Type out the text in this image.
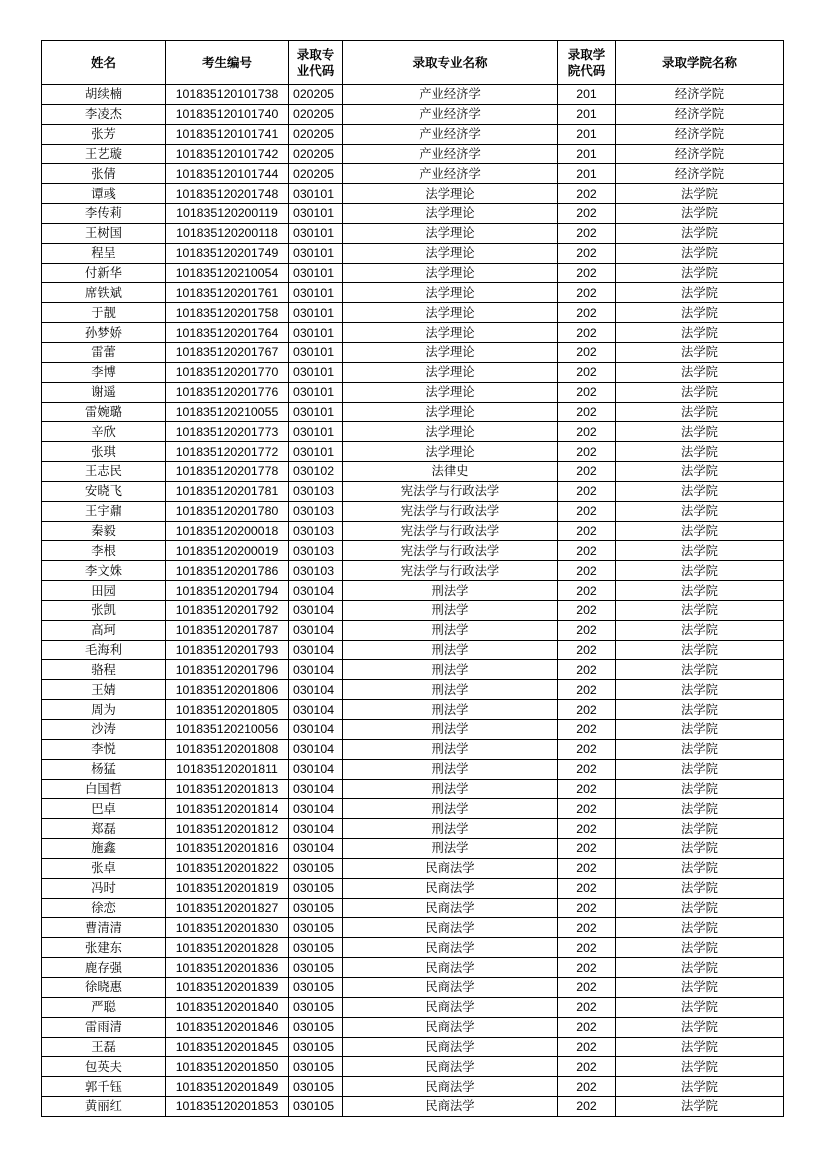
姓名	考生编号	录取专
业代码	录取专业名称	录取学
院代码	录取学院名称
胡续楠	101835120101738	020205	产业经济学	201	经济学院
李凌杰	101835120101740	020205	产业经济学	201	经济学院
张芳	101835120101741	020205	产业经济学	201	经济学院
王艺璇	101835120101742	020205	产业经济学	201	经济学院
张倩	101835120101744	020205	产业经济学	201	经济学院
谭彧	101835120201748	030101	法学理论	202	法学院
李传莉	101835120200119	030101	法学理论	202	法学院
王树国	101835120200118	030101	法学理论	202	法学院
程呈	101835120201749	030101	法学理论	202	法学院
付新华	101835120210054	030101	法学理论	202	法学院
席铁斌	101835120201761	030101	法学理论	202	法学院
于靓	101835120201758	030101	法学理论	202	法学院
孙梦娇	101835120201764	030101	法学理论	202	法学院
雷蕾	101835120201767	030101	法学理论	202	法学院
李博	101835120201770	030101	法学理论	202	法学院
谢遥	101835120201776	030101	法学理论	202	法学院
雷婉璐	101835120210055	030101	法学理论	202	法学院
辛欣	101835120201773	030101	法学理论	202	法学院
张琪	101835120201772	030101	法学理论	202	法学院
王志民	101835120201778	030102	法律史	202	法学院
安晓飞	101835120201781	030103	宪法学与行政法学	202	法学院
王宇鼐	101835120201780	030103	宪法学与行政法学	202	法学院
秦毅	101835120200018	030103	宪法学与行政法学	202	法学院
李根	101835120200019	030103	宪法学与行政法学	202	法学院
李文姝	101835120201786	030103	宪法学与行政法学	202	法学院
田园	101835120201794	030104	刑法学	202	法学院
张凯	101835120201792	030104	刑法学	202	法学院
高珂	101835120201787	030104	刑法学	202	法学院
毛海利	101835120201793	030104	刑法学	202	法学院
骆程	101835120201796	030104	刑法学	202	法学院
王婧	101835120201806	030104	刑法学	202	法学院
周为	101835120201805	030104	刑法学	202	法学院
沙涛	101835120210056	030104	刑法学	202	法学院
李悦	101835120201808	030104	刑法学	202	法学院
杨猛	101835120201811	030104	刑法学	202	法学院
白国哲	101835120201813	030104	刑法学	202	法学院
巴卓	101835120201814	030104	刑法学	202	法学院
郑磊	101835120201812	030104	刑法学	202	法学院
施鑫	101835120201816	030104	刑法学	202	法学院
张卓	101835120201822	030105	民商法学	202	法学院
冯时	101835120201819	030105	民商法学	202	法学院
徐恋	101835120201827	030105	民商法学	202	法学院
曹清清	101835120201830	030105	民商法学	202	法学院
张建东	101835120201828	030105	民商法学	202	法学院
鹿存强	101835120201836	030105	民商法学	202	法学院
徐晓惠	101835120201839	030105	民商法学	202	法学院
严聪	101835120201840	030105	民商法学	202	法学院
雷雨清	101835120201846	030105	民商法学	202	法学院
王磊	101835120201845	030105	民商法学	202	法学院
包英夫	101835120201850	030105	民商法学	202	法学院
郭千钰	101835120201849	030105	民商法学	202	法学院
黄丽红	101835120201853	030105	民商法学	202	法学院
